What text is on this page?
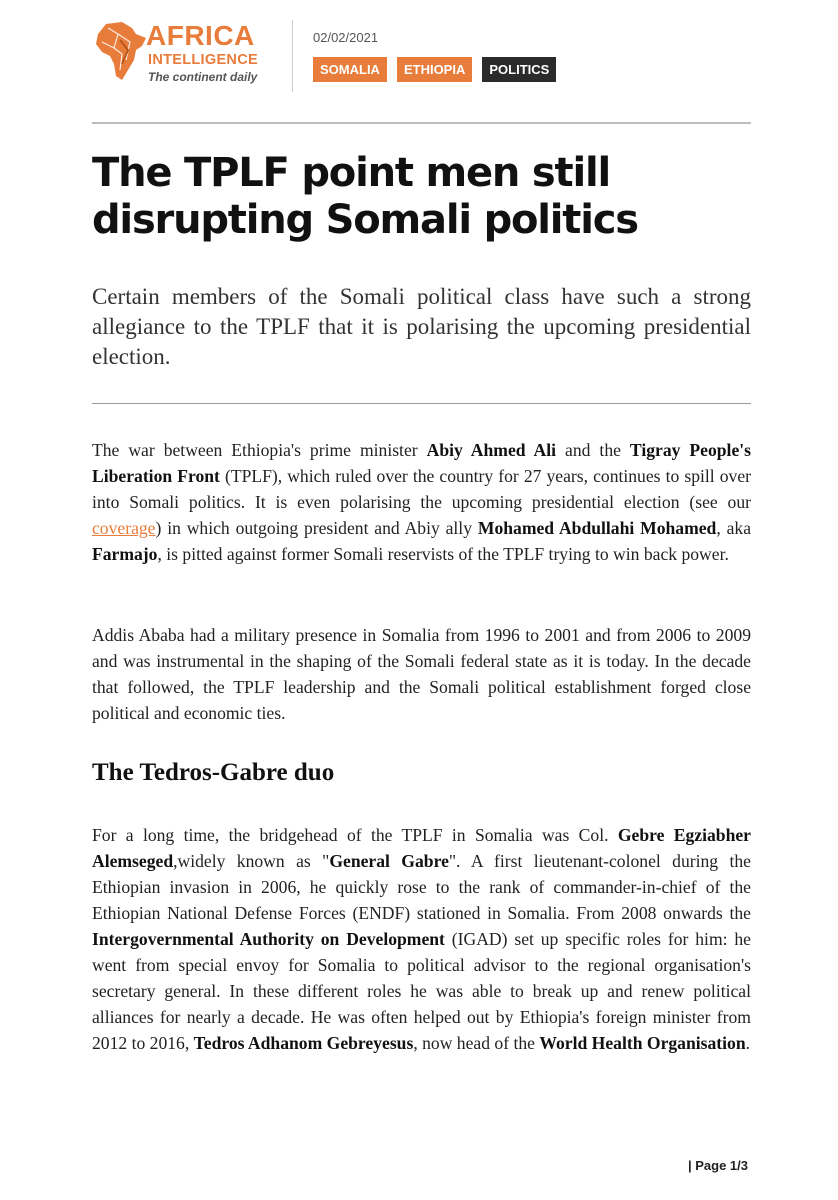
AFRICA
INTELLIGENCE
The continent daily
02/02/2021
SOMALIA	ETHIOPIA	POLITICS
The TPLF point men still disrupting Somali politics

Certain members of the Somali political class have such a strong allegiance to the TPLF that it is polarising the upcoming presidential election.

The war between Ethiopia's prime minister Abiy Ahmed Ali and the Tigray People's Liberation Front (TPLF), which ruled over the country for 27 years, continues to spill over into Somali politics. It is even polarising the upcoming presidential election (see our coverage) in which outgoing president and Abiy ally Mohamed Abdullahi Mohamed, aka Farmajo, is pitted against former Somali reservists of the TPLF trying to win back power.

Addis Ababa had a military presence in Somalia from 1996 to 2001 and from 2006 to 2009 and was instrumental in the shaping of the Somali federal state as it is today. In the decade that followed, the TPLF leadership and the Somali political establishment forged close political and economic ties.

The Tedros-Gabre duo

For a long time, the bridgehead of the TPLF in Somalia was Col. Gebre Egziabher Alemseged,widely known as "General Gabre". A first lieutenant-colonel during the Ethiopian invasion in 2006, he quickly rose to the rank of commander-in-chief of the Ethiopian National Defense Forces (ENDF) stationed in Somalia. From 2008 onwards the Intergovernmental Authority on Development (IGAD) set up specific roles for him: he went from special envoy for Somalia to political advisor to the regional organisation's secretary general. In these different roles he was able to break up and renew political alliances for nearly a decade. He was often helped out by Ethiopia's foreign minister from 2012 to 2016, Tedros Adhanom Gebreyesus, now head of the World Health Organisation.

| Page 1/3
